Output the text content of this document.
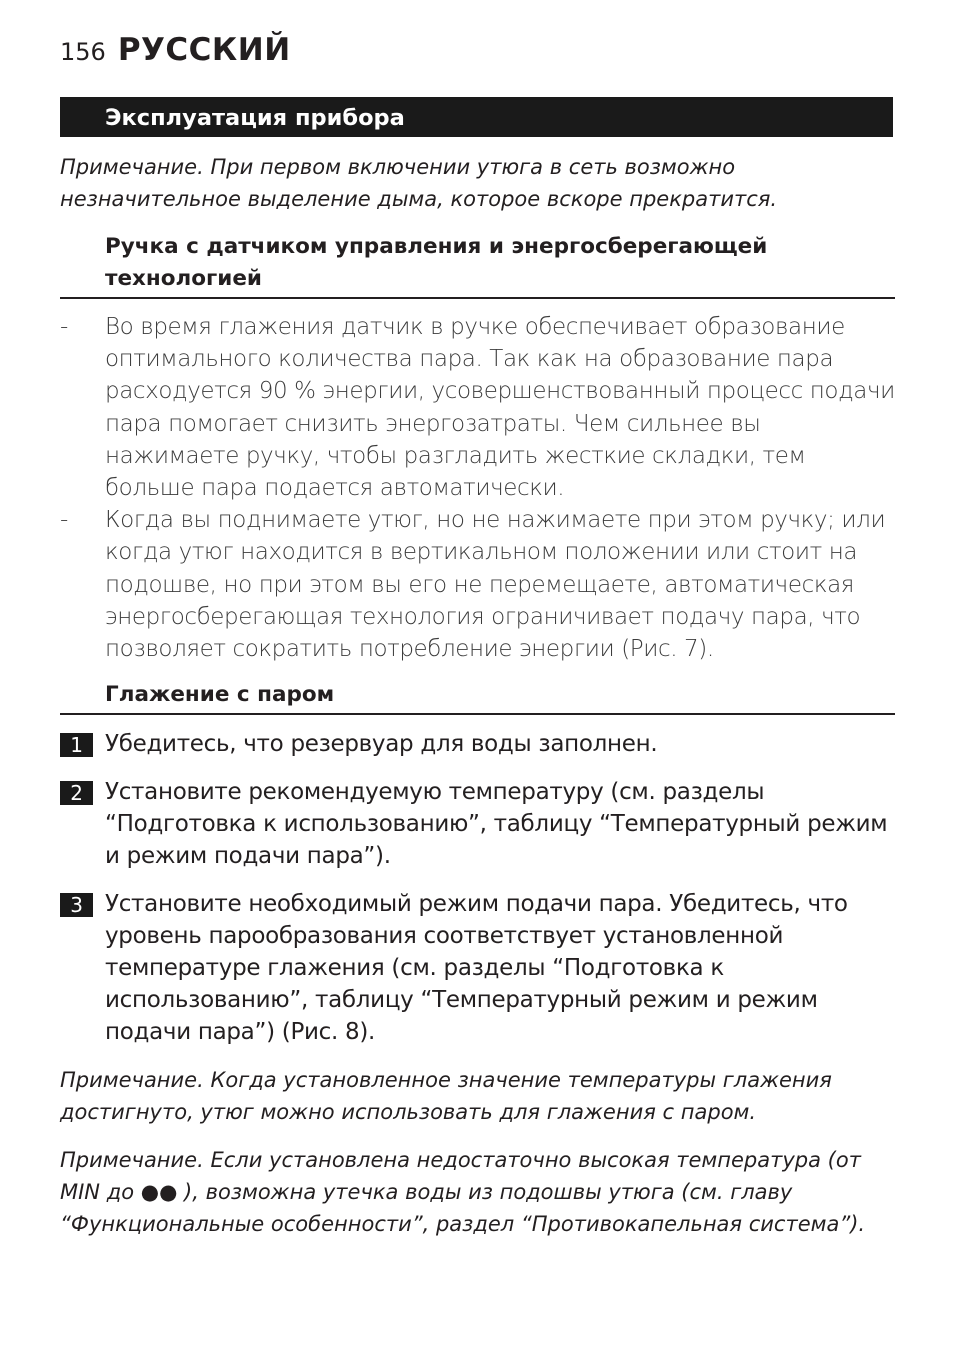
156 РУССКИЙ
Эксплуатация прибора
Примечание. При первом включении утюга в сеть возможно незначительное выделение дыма, которое вскоре прекратится.
Ручка с датчиком управления и энергосберегающей технологией
- Во время глажения датчик в ручке обеспечивает образование оптимального количества пара. Так как на образование пара расходуется 90 % энергии, усовершенствованный процесс подачи пара помогает снизить энергозатраты. Чем сильнее вы нажимаете ручку, чтобы разгладить жесткие складки, тем больше пара подается автоматически.
- Когда вы поднимаете утюг, но не нажимаете при этом ручку; или когда утюг находится в вертикальном положении или стоит на подошве, но при этом вы его не перемещаете, автоматическая энергосберегающая технология ограничивает подачу пара, что позволяет сократить потребление энергии (Рис. 7).
Глажение с паром
1 Убедитесь, что резервуар для воды заполнен.
2 Установите рекомендуемую температуру (см. разделы “Подготовка к использованию”, таблицу “Температурный режим и режим подачи пара”).
3 Установите необходимый режим подачи пара. Убедитесь, что уровень парообразования соответствует установленной температуре глажения (см. разделы “Подготовка к использованию”, таблицу “Температурный режим и режим подачи пара”) (Рис. 8).
Примечание. Когда установленное значение температуры глажения достигнуто, утюг можно использовать для глажения с паром.
Примечание. Если установлена недостаточно высокая температура (от MIN до ●● ), возможна утечка воды из подошвы утюга (см. главу “Функциональные особенности”, раздел “Противокапельная система”).
